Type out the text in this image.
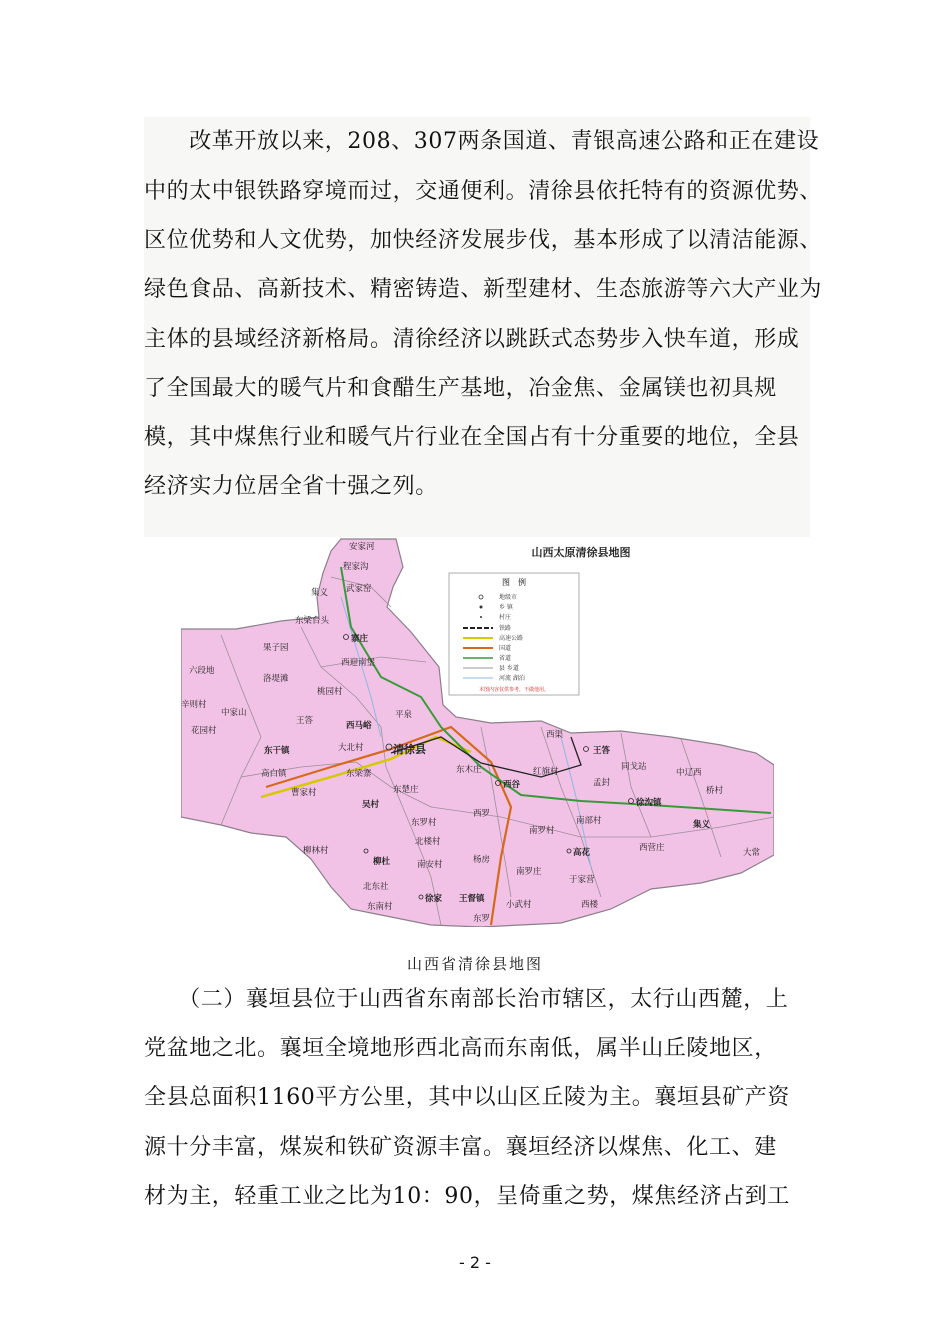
　　改革开放以来，208、307两条国道、青银高速公路和正在建设
中的太中银铁路穿境而过，交通便利。清徐县依托特有的资源优势、
区位优势和人文优势，加快经济发展步伐，基本形成了以清洁能源、
绿色食品、高新技术、精密铸造、新型建材、生态旅游等六大产业为
主体的县域经济新格局。清徐经济以跳跃式态势步入快车道，形成
了全国最大的暖气片和食醋生产基地，冶金焦、金属镁也初具规
模，其中煤焦行业和暖气片行业在全国占有十分重要的地位，全县
经济实力位居全省十强之列。
图　例
地级市
乡 镇
村庄
铁路
高速公路
国道
省道
县 乡道
河流 湖泊
本图内容仅供参考，不做他用。
山西太原清徐县地图
安家河
程家沟
武家窑
寨庄
东梁台头
集义
果子园
西迎南堡
六段地
洛堤滩
桃园村
辛则村
中家山
王答	西马峪
平泉
花园村
东干镇	大北村	清徐县
高白镇	东梁寨
曹家村
吴村
东楚庄
东木庄
西谷
红旗村
王答
西罗
东罗村
北楼村
南罗村
南部村
柳林村
柳杜	南安村	杨房
南罗庄
高花
北东社
东南村
徐家 王督镇
小武村
东罗
西楼
孟封
同戈站
中辽西
桥村
徐沟镇
集义
大常
西营庄
于家营
西渠
山西省清徐县地图
　　（二）襄垣县位于山西省东南部长治市辖区，太行山西麓，上
党盆地之北。襄垣全境地形西北高而东南低，属半山丘陵地区，
全县总面积1160平方公里，其中以山区丘陵为主。襄垣县矿产资
源十分丰富，煤炭和铁矿资源丰富。襄垣经济以煤焦、化工、建
材为主，轻重工业之比为10：90，呈倚重之势，煤焦经济占到工
- 2 -
